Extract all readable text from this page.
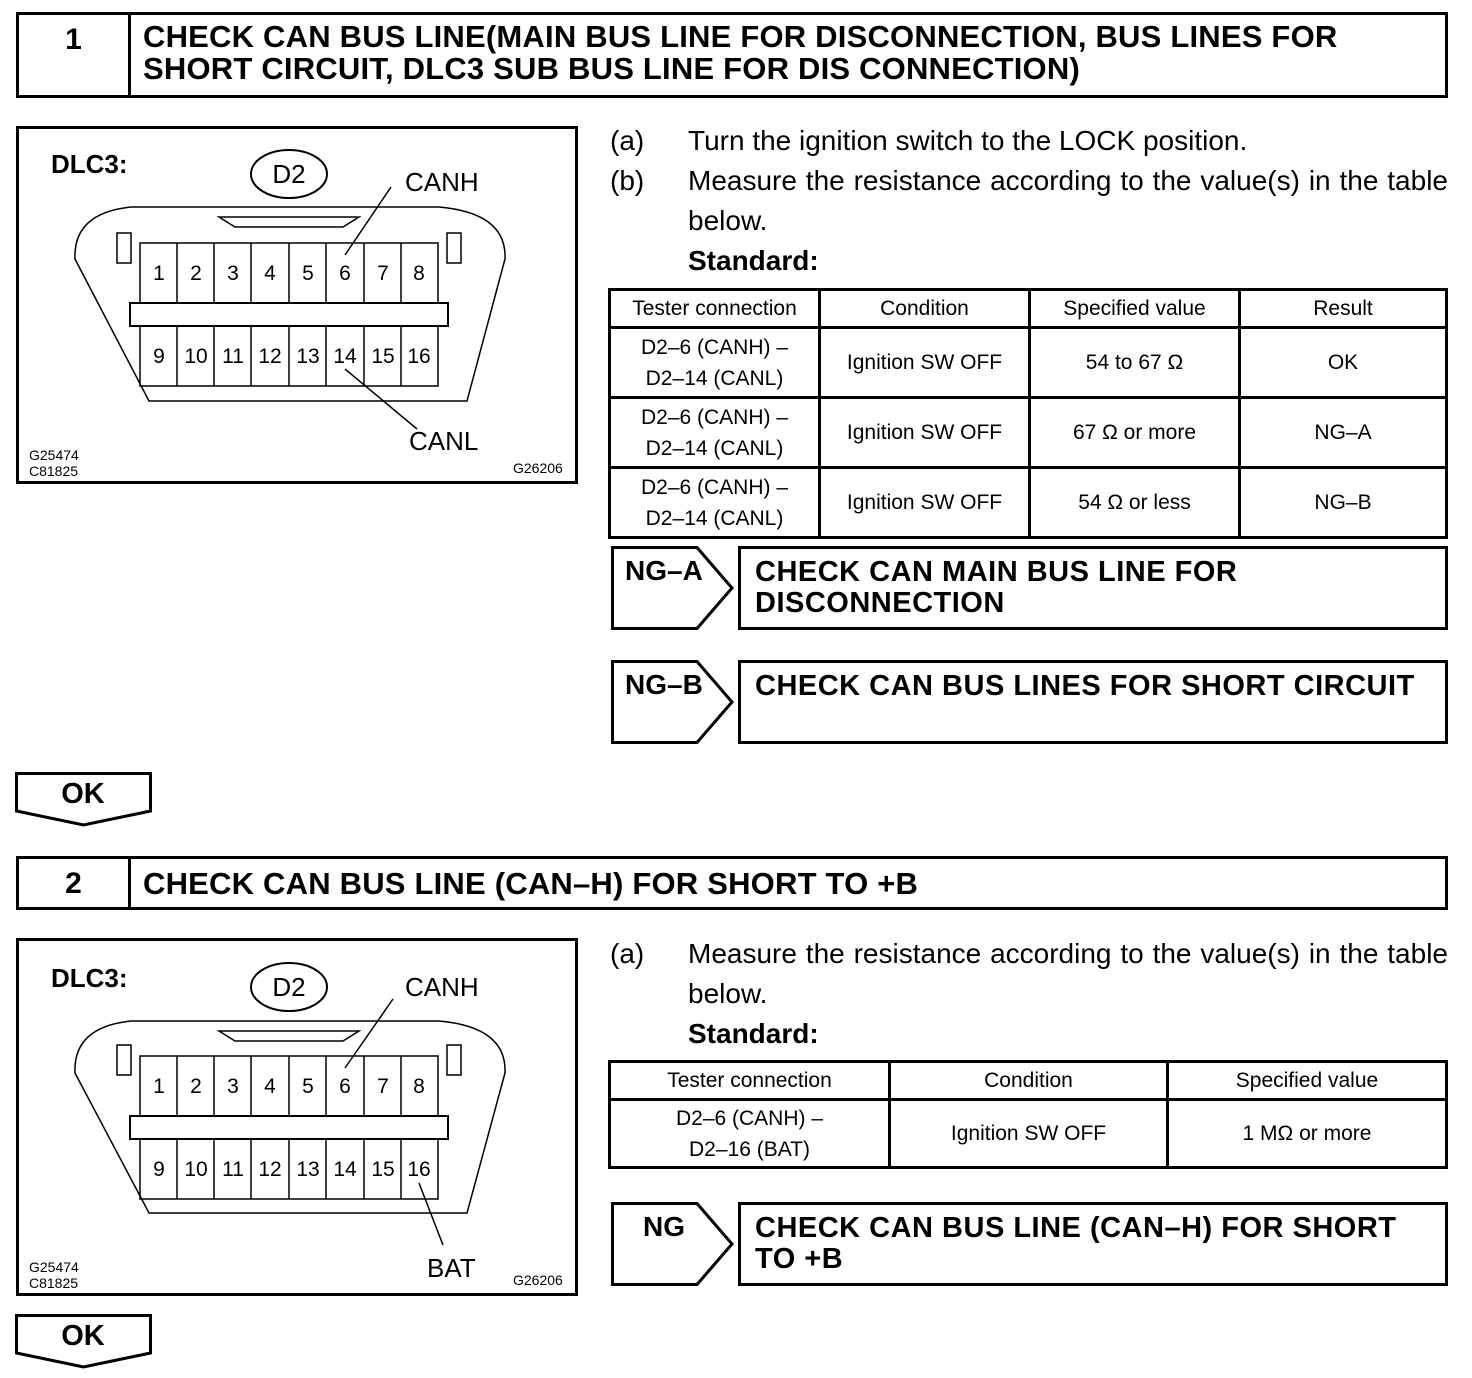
1	CHECK CAN BUS LINE(MAIN BUS LINE FOR DISCONNECTION, BUS LINES FOR
SHORT CIRCUIT, DLC3 SUB BUS LINE FOR DIS CONNECTION)
DLC3:	D2
1 2 3 4 5 6 7 8
9 10 11 12 13 14 15 16
CANH
CANL
G25474
C81825	G26206
(a)	Turn the ignition switch to the LOCK position.
(b)	Measure the resistance according to the value(s) in the table below.
Standard:
Tester connection	Condition	Specified value	Result

D2–6 (CANH) –
D2–14 (CANL)	Ignition SW OFF	54 to 67 Ω	OK

D2–6 (CANH) –
D2–14 (CANL)	Ignition SW OFF	67 Ω or more	NG–A

D2–6 (CANH) –
D2–14 (CANL)	Ignition SW OFF	54 Ω or less	NG–B
NG–A CHECK CAN MAIN BUS LINE FOR
DISCONNECTION
NG–B CHECK CAN BUS LINES FOR SHORT CIRCUIT
OK
2	CHECK CAN BUS LINE (CAN–H) FOR SHORT TO +B
DLC3:	D2
1 2 3 4 5 6 7 8
9 10 11 12 13 14 15 16
CANH
BAT
G25474
C81825	G26206
(a)	Measure the resistance according to the value(s) in the table below.
Standard:
Tester connection	Condition	Specified value

D2–6 (CANH) –
D2–16 (BAT)	Ignition SW OFF	1 MΩ or more
NG CHECK CAN BUS LINE (CAN–H) FOR SHORT
TO +B
OK
